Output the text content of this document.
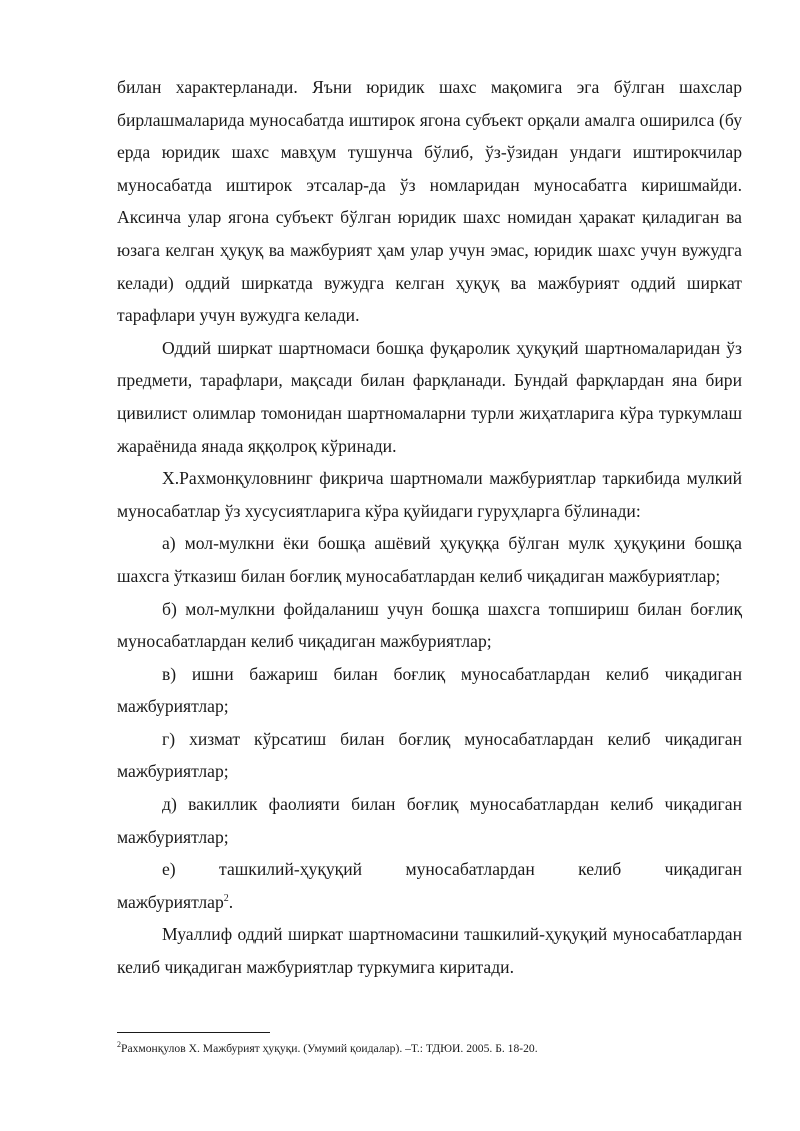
билан характерланади. Яъни юридик шахс мақомига эга бўлган шахслар бирлашмаларида муносабатда иштирок ягона субъект орқали амалга оширилса (бу ерда юридик шахс мавҳум тушунча бўлиб, ўз-ўзидан ундаги иштирокчилар муносабатда иштирок этсалар-да ўз номларидан муносабатга киришмайди. Аксинча улар ягона субъект бўлган юридик шахс номидан ҳаракат қиладиган ва юзага келган ҳуқуқ ва мажбурият ҳам улар учун эмас, юридик шахс учун вужудга келади) оддий ширкатда вужудга келган ҳуқуқ ва мажбурият оддий ширкат тарафлари учун вужудга келади.

Оддий ширкат шартномаси бошқа фуқаролик ҳуқуқий шартномаларидан ўз предмети, тарафлари, мақсади билан фарқланади. Бундай фарқлардан яна бири цивилист олимлар томонидан шартномаларни турли жиҳатларига кўра туркумлаш жараёнида янада яққолроқ кўринади.

Х.Рахмонқуловнинг фикрича шартномали мажбуриятлар таркибида мулкий муносабатлар ўз хусусиятларига кўра қуйидаги гуруҳларга бўлинади:

а) мол-мулкни ёки бошқа ашёвий ҳуқуққа бўлган мулк ҳуқуқини бошқа шахсга ўтказиш билан боғлиқ муносабатлардан келиб чиқадиган мажбуриятлар;

б) мол-мулкни фойдаланиш учун бошқа шахсга топшириш билан боғлиқ муносабатлардан келиб чиқадиган мажбуриятлар;

в) ишни бажариш билан боғлиқ муносабатлардан келиб чиқадиган мажбуриятлар;

г) хизмат кўрсатиш билан боғлиқ муносабатлардан келиб чиқадиган мажбуриятлар;

д) вакиллик фаолияти билан боғлиқ муносабатлардан келиб чиқадиган мажбуриятлар;

е) ташкилий-ҳуқуқий муносабатлардан келиб чиқадиган
мажбуриятлар$^2$.

Муаллиф оддий ширкат шартномасини ташкилий-ҳуқуқий муносабатлардан келиб чиқадиган мажбуриятлар туркумига киритади.

$^2$Рахмонқулов Х. Мажбурият ҳуқуқи. (Умумий қоидалар). –Т.: ТДЮИ. 2005. Б. 18-20.
